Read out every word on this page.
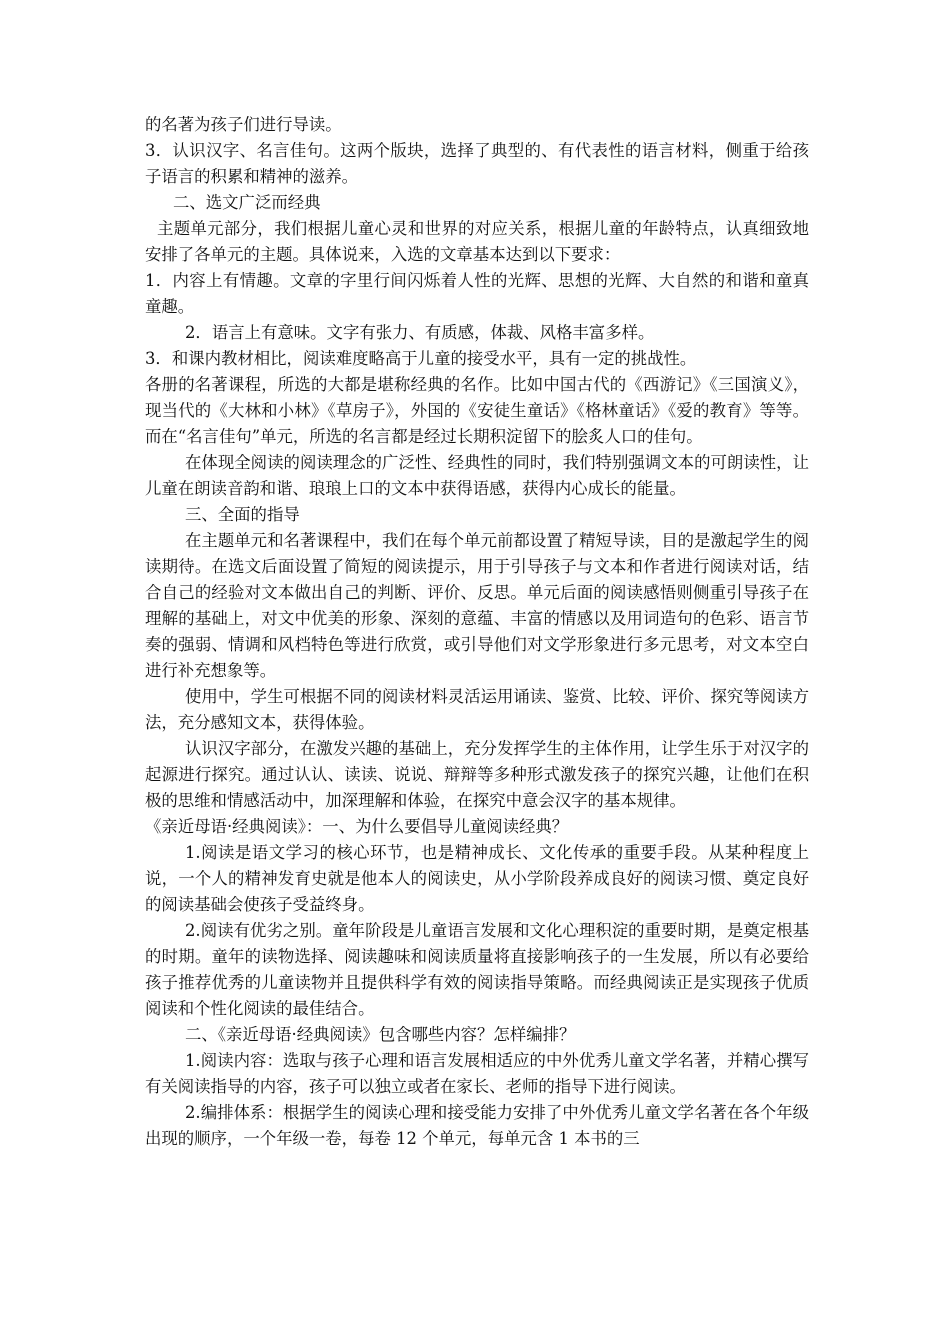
的名著为孩子们进行导读。

3．认识汉字、名言佳句。这两个版块，选择了典型的、有代表性的语言材料，侧重于给孩子语言的积累和精神的滋养。

二、选文广泛而经典

主题单元部分，我们根据儿童心灵和世界的对应关系，根据儿童的年龄特点，认真细致地安排了各单元的主题。具体说来，入选的文章基本达到以下要求：

1．内容上有情趣。文章的字里行间闪烁着人性的光辉、思想的光辉、大自然的和谐和童真童趣。

2．语言上有意味。文字有张力、有质感，体裁、风格丰富多样。

3．和课内教材相比，阅读难度略高于儿童的接受水平，具有一定的挑战性。

各册的名著课程，所选的大都是堪称经典的名作。比如中国古代的《西游记》《三国演义》，现当代的《大林和小林》《草房子》，外国的《安徒生童话》《格林童话》《爱的教育》等等。而在“名言佳句”单元，所选的名言都是经过长期积淀留下的脍炙人口的佳句。

在体现全阅读的阅读理念的广泛性、经典性的同时，我们特别强调文本的可朗读性，让儿童在朗读音韵和谐、琅琅上口的文本中获得语感，获得内心成长的能量。

三、全面的指导

在主题单元和名著课程中，我们在每个单元前都设置了精短导读，目的是激起学生的阅读期待。在选文后面设置了简短的阅读提示，用于引导孩子与文本和作者进行阅读对话，结合自己的经验对文本做出自己的判断、评价、反思。单元后面的阅读感悟则侧重引导孩子在理解的基础上，对文中优美的形象、深刻的意蕴、丰富的情感以及用词造句的色彩、语言节奏的强弱、情调和风档特色等进行欣赏，或引导他们对文学形象进行多元思考，对文本空白进行补充想象等。

使用中，学生可根据不同的阅读材料灵活运用诵读、鉴赏、比较、评价、探究等阅读方法，充分感知文本，获得体验。

认识汉字部分，在激发兴趣的基础上，充分发挥学生的主体作用，让学生乐于对汉字的起源进行探究。通过认认、读读、说说、辩辩等多种形式激发孩子的探究兴趣，让他们在积极的思维和情感活动中，加深理解和体验，在探究中意会汉字的基本规律。

《亲近母语·经典阅读》：一、为什么要倡导儿童阅读经典？

1.阅读是语文学习的核心环节，也是精神成长、文化传承的重要手段。从某种程度上说，一个人的精神发育史就是他本人的阅读史，从小学阶段养成良好的阅读习惯、奠定良好的阅读基础会使孩子受益终身。

2.阅读有优劣之别。童年阶段是儿童语言发展和文化心理积淀的重要时期，是奠定根基的时期。童年的读物选择、阅读趣味和阅读质量将直接影响孩子的一生发展，所以有必要给孩子推荐优秀的儿童读物并且提供科学有效的阅读指导策略。而经典阅读正是实现孩子优质阅读和个性化阅读的最佳结合。

二、《亲近母语·经典阅读》包含哪些内容？怎样编排？

1.阅读内容：选取与孩子心理和语言发展相适应的中外优秀儿童文学名著，并精心撰写有关阅读指导的内容，孩子可以独立或者在家长、老师的指导下进行阅读。

2.编排体系：根据学生的阅读心理和接受能力安排了中外优秀儿童文学名著在各个年级出现的顺序，一个年级一卷，每卷 12 个单元，每单元含 1 本书的三
